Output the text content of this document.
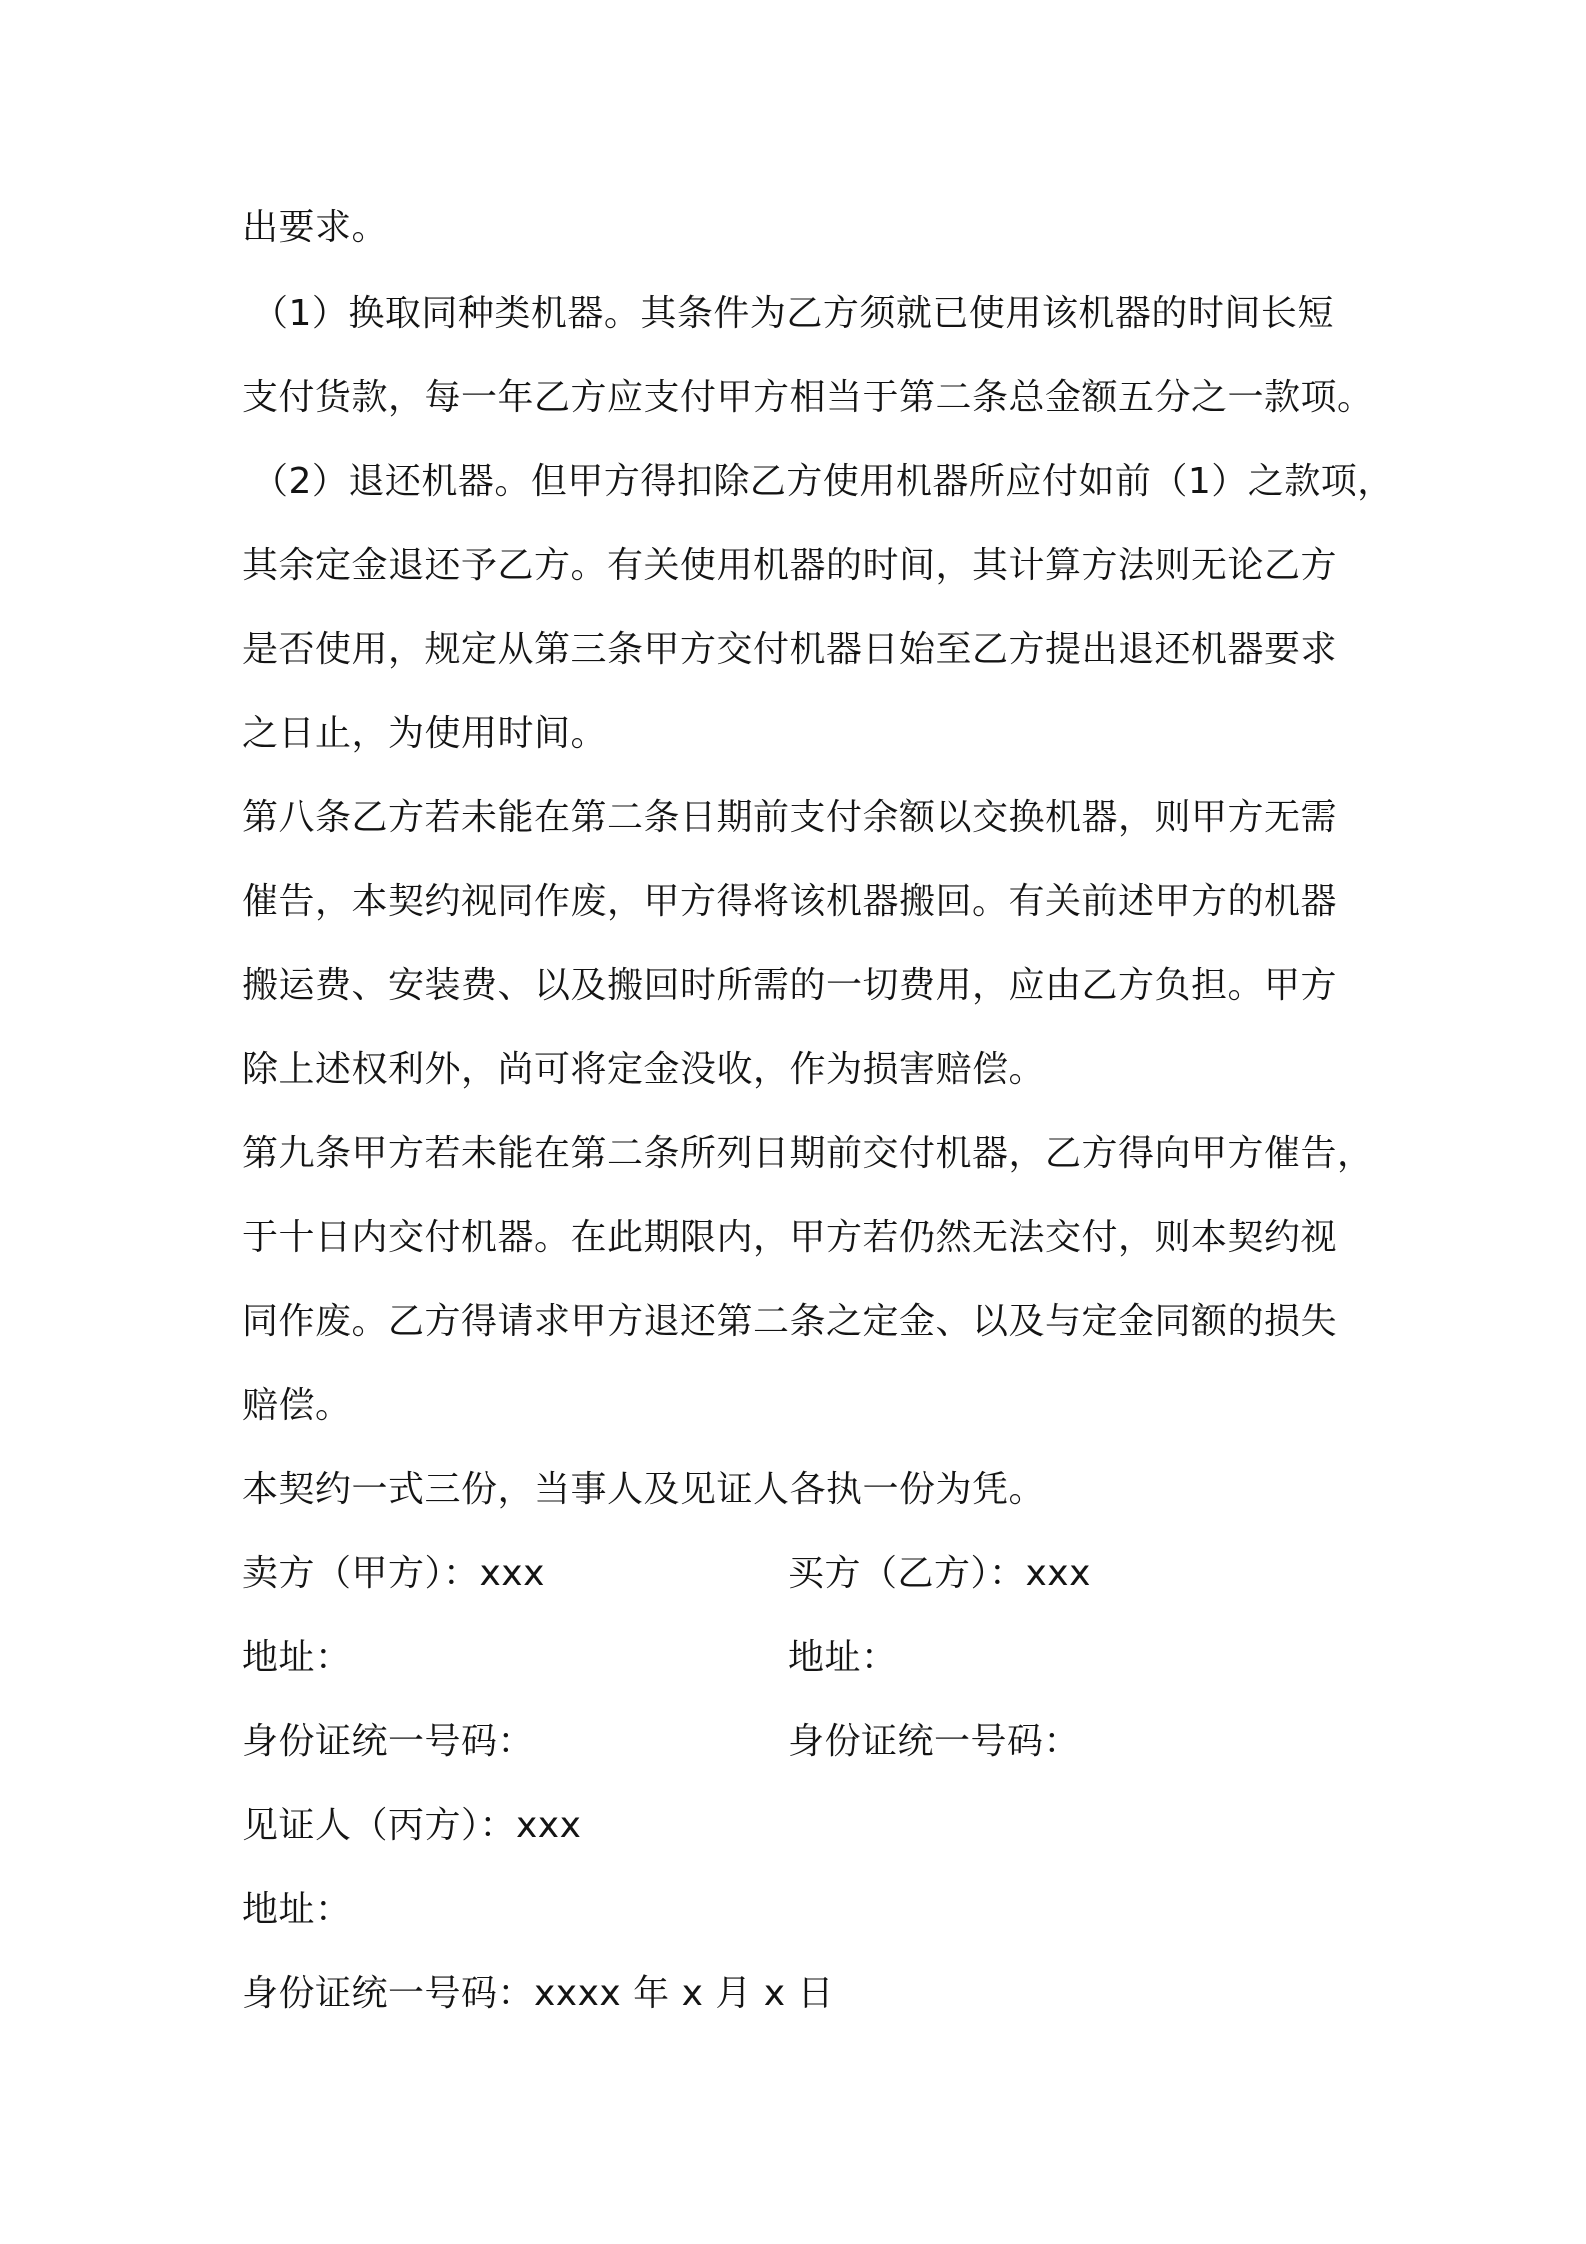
出要求。
（1）换取同种类机器。其条件为乙方须就已使用该机器的时间长短
支付货款，每一年乙方应支付甲方相当于第二条总金额五分之一款项。
（2）退还机器。但甲方得扣除乙方使用机器所应付如前（1）之款项，
其余定金退还予乙方。有关使用机器的时间，其计算方法则无论乙方
是否使用，规定从第三条甲方交付机器日始至乙方提出退还机器要求
之日止，为使用时间。
第八条乙方若未能在第二条日期前支付余额以交换机器，则甲方无需
催告，本契约视同作废，甲方得将该机器搬回。有关前述甲方的机器
搬运费、安装费、以及搬回时所需的一切费用，应由乙方负担。甲方
除上述权利外，尚可将定金没收，作为损害赔偿。
第九条甲方若未能在第二条所列日期前交付机器，乙方得向甲方催告，
于十日内交付机器。在此期限内，甲方若仍然无法交付，则本契约视
同作废。乙方得请求甲方退还第二条之定金、以及与定金同额的损失
赔偿。
本契约一式三份，当事人及见证人各执一份为凭。
卖方（甲方）：xxx	买方（乙方）：xxx
地址：	地址：
身份证统一号码：	身份证统一号码：
见证人（丙方）：xxx
地址：
身份证统一号码：xxxx 年 x 月 x 日
